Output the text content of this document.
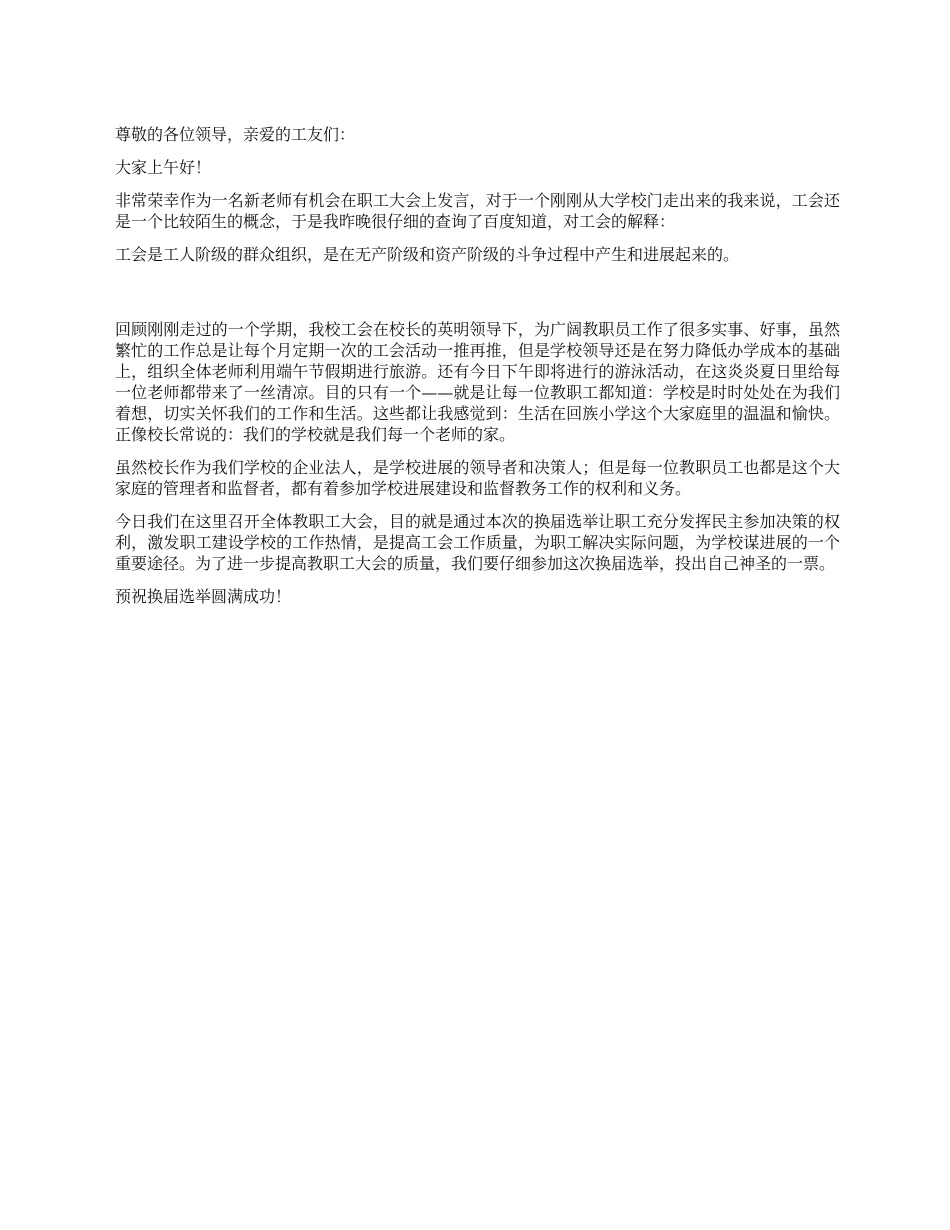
尊敬的各位领导，亲爱的工友们：

大家上午好！

非常荣幸作为一名新老师有机会在职工大会上发言，对于一个刚刚从大学校门走出来的我来说，工会还是一个比较陌生的概念，于是我昨晚很仔细的查询了百度知道，对工会的解释：

工会是工人阶级的群众组织，是在无产阶级和资产阶级的斗争过程中产生和进展起来的。

回顾刚刚走过的一个学期，我校工会在校长的英明领导下，为广阔教职员工作了很多实事、好事，虽然繁忙的工作总是让每个月定期一次的工会活动一推再推，但是学校领导还是在努力降低办学成本的基础上，组织全体老师利用端午节假期进行旅游。还有今日下午即将进行的游泳活动，在这炎炎夏日里给每一位老师都带来了一丝清凉。目的只有一个——就是让每一位教职工都知道：学校是时时处处在为我们着想，切实关怀我们的工作和生活。这些都让我感觉到：生活在回族小学这个大家庭里的温温和愉快。正像校长常说的：我们的学校就是我们每一个老师的家。

虽然校长作为我们学校的企业法人，是学校进展的领导者和决策人；但是每一位教职员工也都是这个大家庭的管理者和监督者，都有着参加学校进展建设和监督教务工作的权利和义务。

今日我们在这里召开全体教职工大会，目的就是通过本次的换届选举让职工充分发挥民主参加决策的权利，激发职工建设学校的工作热情，是提高工会工作质量，为职工解决实际问题，为学校谋进展的一个重要途径。为了进一步提高教职工大会的质量，我们要仔细参加这次换届选举，投出自己神圣的一票。

预祝换届选举圆满成功！
